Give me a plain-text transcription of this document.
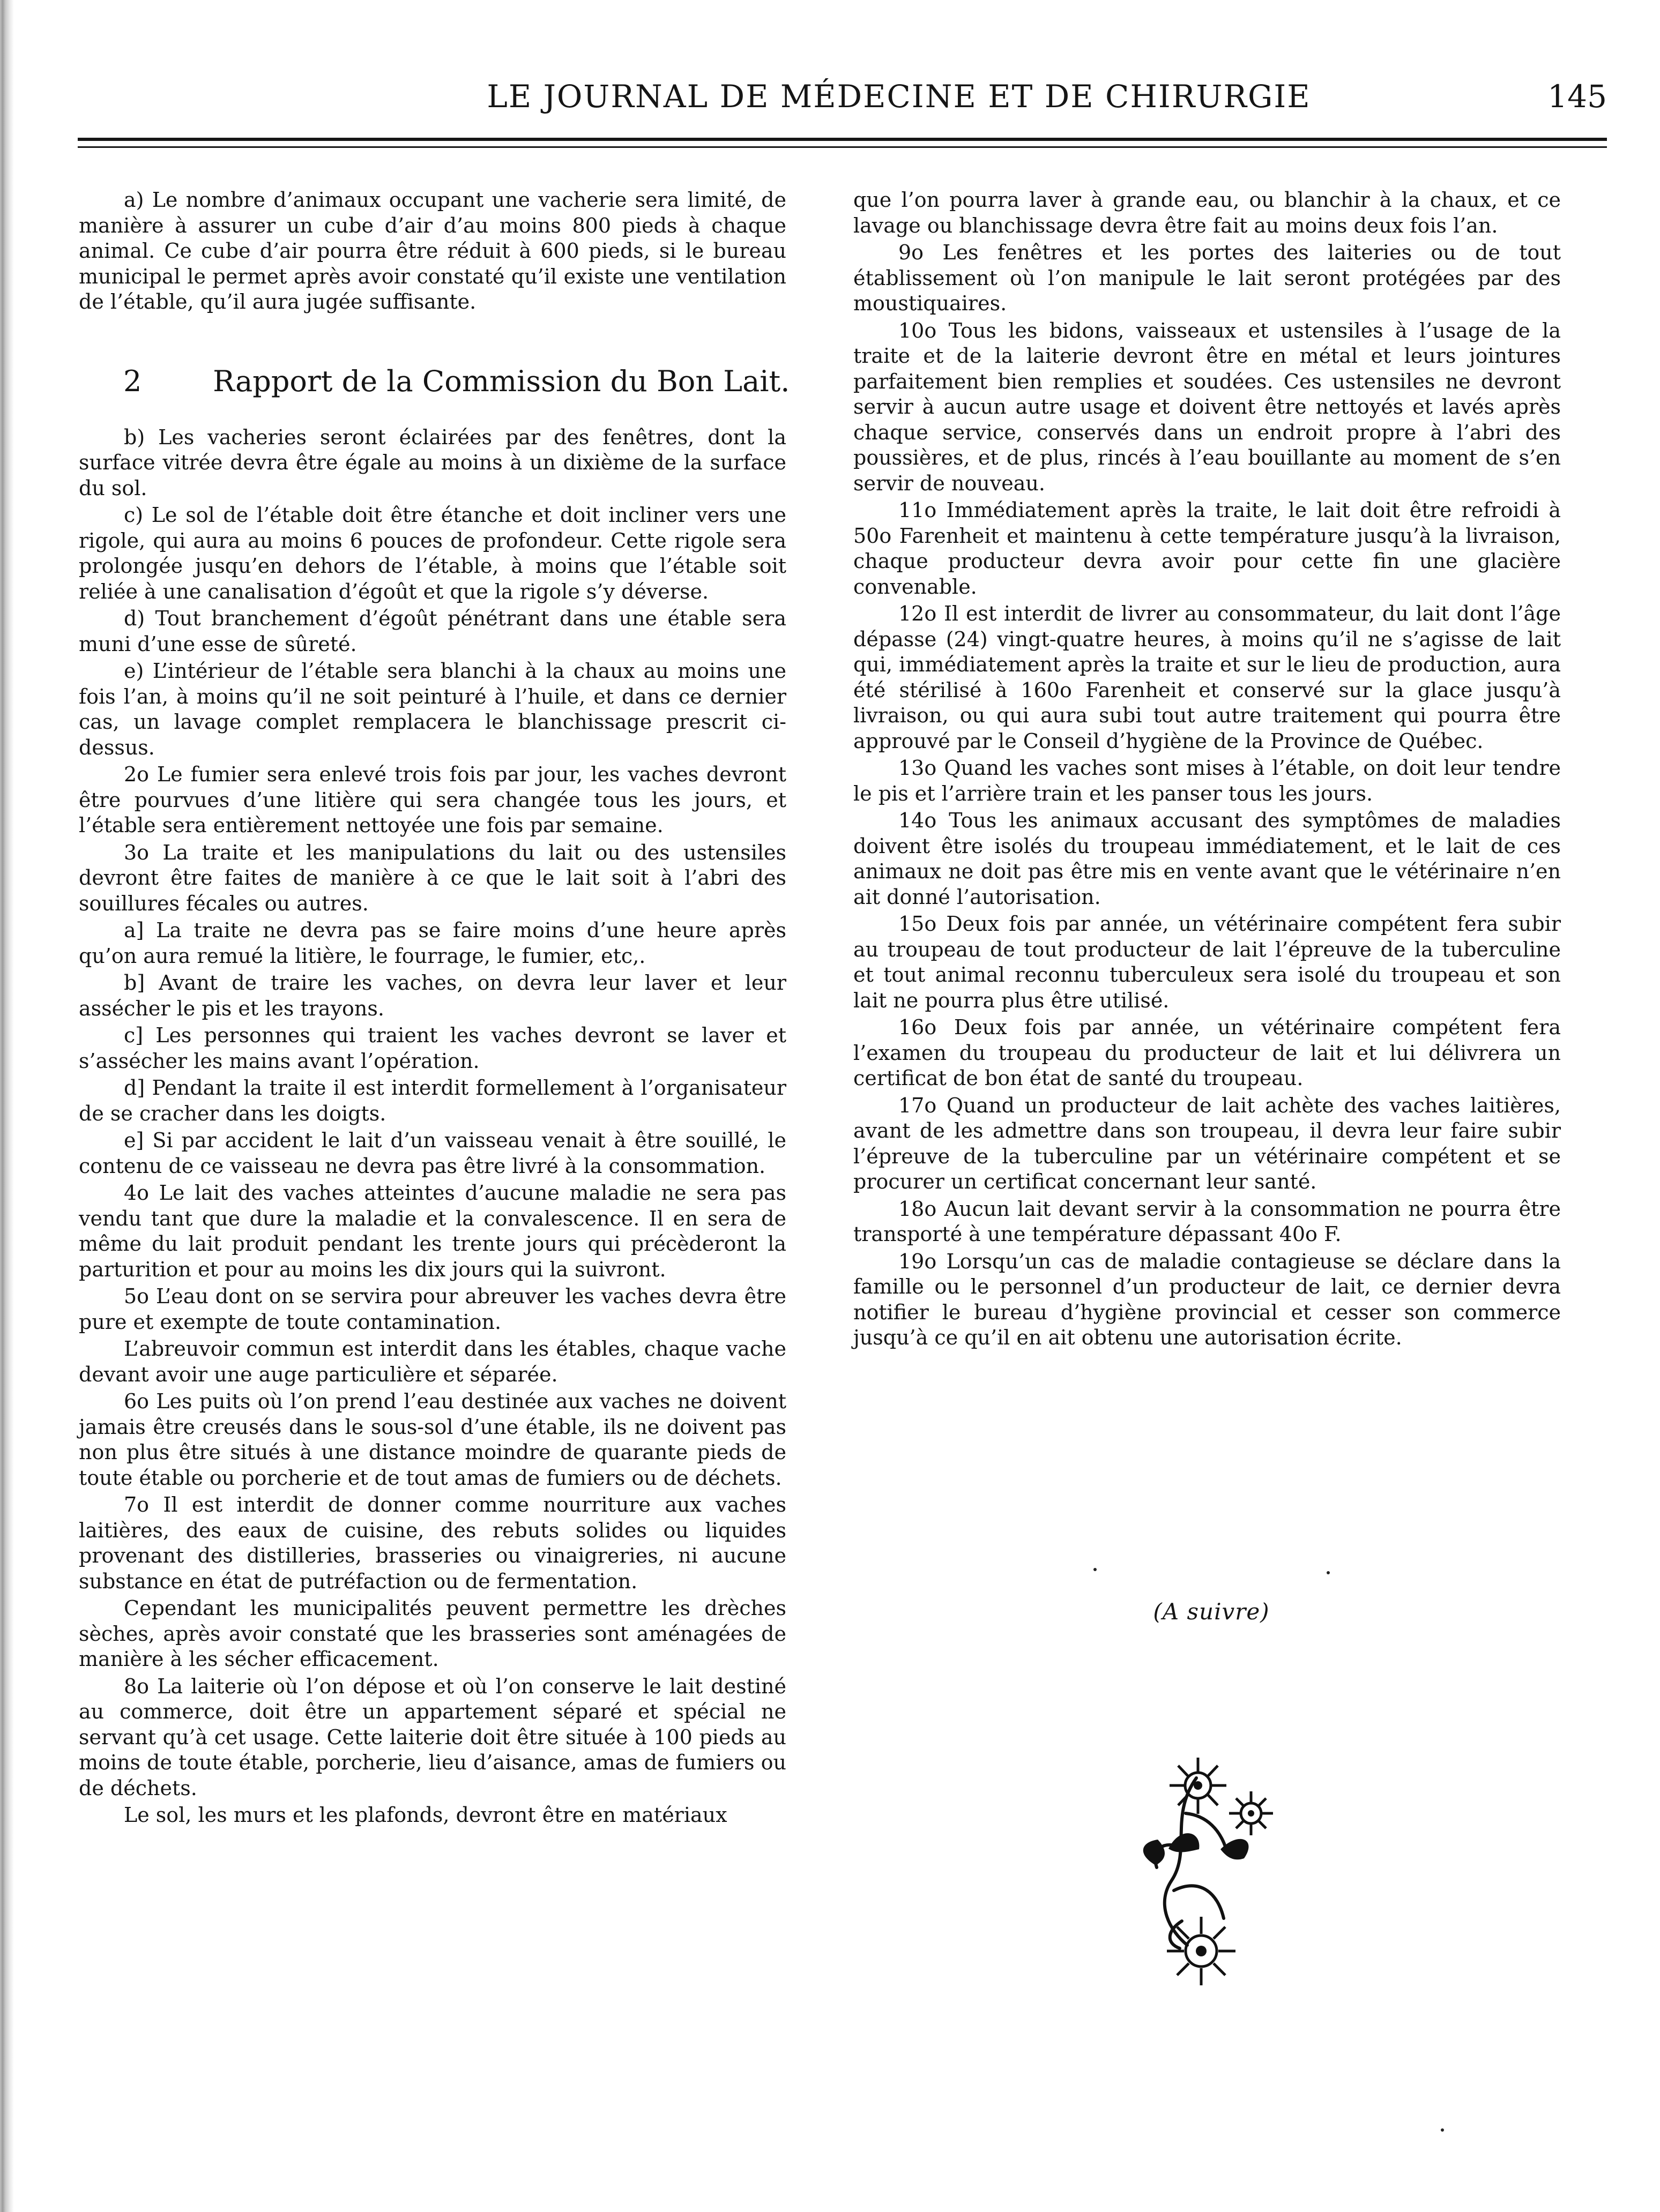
LE JOURNAL DE MÉDECINE ET DE CHIRURGIE	145

a) Le nombre d’animaux occupant une vacherie sera limité, de manière à assurer un cube d’air d’au moins 800 pieds à chaque animal. Ce cube d’air pourra être réduit à 600 pieds, si le bureau municipal le permet après avoir constaté qu’il existe une ventilation de l’étable, qu’il aura jugée suffisante.

b) Les vacheries seront éclairées par des fenêtres, dont la surface vitrée devra être égale au moins à un dixième de la surface du sol.

c) Le sol de l’étable doit être étanche et doit incliner vers une rigole, qui aura au moins 6 pouces de profondeur. Cette rigole sera prolongée jusqu’en dehors de l’étable, à moins que l’étable soit reliée à une canalisation d’égoût et que la rigole s’y déverse.

d) Tout branchement d’égoût pénétrant dans une étable sera muni d’une esse de sûreté.

e) L’intérieur de l’étable sera blanchi à la chaux au moins une fois l’an, à moins qu’il ne soit peinturé à l’huile, et dans ce dernier cas, un lavage complet remplacera le blanchissage prescrit ci-dessus.

2o Le fumier sera enlevé trois fois par jour, les vaches devront être pourvues d’une litière qui sera changée tous les jours, et l’étable sera entièrement nettoyée une fois par semaine.

3o La traite et les manipulations du lait ou des ustensiles devront être faites de manière à ce que le lait soit à l’abri des souillures fécales ou autres.

a] La traite ne devra pas se faire moins d’une heure après qu’on aura remué la litière, le fourrage, le fumier, etc,.

b] Avant de traire les vaches, on devra leur laver et leur assécher le pis et les trayons.

c] Les personnes qui traient les vaches devront se laver et s’assécher les mains avant l’opération.

d] Pendant la traite il est interdit formellement à l’organisateur de se cracher dans les doigts.

e] Si par accident le lait d’un vaisseau venait à être souillé, le contenu de ce vaisseau ne devra pas être livré à la consommation.

4o Le lait des vaches atteintes d’aucune maladie ne sera pas vendu tant que dure la maladie et la convalescence. Il en sera de même du lait produit pendant les trente jours qui précèderont la parturition et pour au moins les dix jours qui la suivront.

5o L’eau dont on se servira pour abreuver les vaches devra être pure et exempte de toute contamination.

L’abreuvoir commun est interdit dans les étables, chaque vache devant avoir une auge particulière et séparée.

6o Les puits où l’on prend l’eau destinée aux vaches ne doivent jamais être creusés dans le sous-sol d’une étable, ils ne doivent pas non plus être situés à une distance moindre de quarante pieds de toute étable ou porcherie et de tout amas de fumiers ou de déchets.

7o Il est interdit de donner comme nourriture aux vaches laitières, des eaux de cuisine, des rebuts solides ou liquides provenant des distilleries, brasseries ou vinaigreries, ni aucune substance en état de putréfaction ou de fermentation.

Cependant les municipalités peuvent permettre les drèches sèches, après avoir constaté que les brasseries sont aménagées de manière à les sécher efficacement.

8o La laiterie où l’on dépose et où l’on conserve le lait destiné au commerce, doit être un appartement séparé et spécial ne servant qu’à cet usage. Cette laiterie doit être située à 100 pieds au moins de toute étable, porcherie, lieu d’aisance, amas de fumiers ou de déchets.

Le sol, les murs et les plafonds, devront être en matériaux

2 Rapport de la Commission du Bon Lait.

que l’on pourra laver à grande eau, ou blanchir à la chaux, et ce lavage ou blanchissage devra être fait au moins deux fois l’an.

9o Les fenêtres et les portes des laiteries ou de tout établissement où l’on manipule le lait seront protégées par des moustiquaires.

10o Tous les bidons, vaisseaux et ustensiles à l’usage de la traite et de la laiterie devront être en métal et leurs jointures parfaitement bien remplies et soudées. Ces ustensiles ne devront servir à aucun autre usage et doivent être nettoyés et lavés après chaque service, conservés dans un endroit propre à l’abri des poussières, et de plus, rincés à l’eau bouillante au moment de s’en servir de nouveau.

11o Immédiatement après la traite, le lait doit être refroidi à 50o Farenheit et maintenu à cette température jusqu’à la livraison, chaque producteur devra avoir pour cette fin une glacière convenable.

12o Il est interdit de livrer au consommateur, du lait dont l’âge dépasse (24) vingt-quatre heures, à moins qu’il ne s’agisse de lait qui, immédiatement après la traite et sur le lieu de production, aura été stérilisé à 160o Farenheit et conservé sur la glace jusqu’à livraison, ou qui aura subi tout autre traitement qui pourra être approuvé par le Conseil d’hygiène de la Province de Québec.

13o Quand les vaches sont mises à l’étable, on doit leur tendre le pis et l’arrière train et les panser tous les jours.

14o Tous les animaux accusant des symptômes de maladies doivent être isolés du troupeau immédiatement, et le lait de ces animaux ne doit pas être mis en vente avant que le vétérinaire n’en ait donné l’autorisation.

15o Deux fois par année, un vétérinaire compétent fera subir au troupeau de tout producteur de lait l’épreuve de la tuberculine et tout animal reconnu tuberculeux sera isolé du troupeau et son lait ne pourra plus être utilisé.

16o Deux fois par année, un vétérinaire compétent fera l’examen du troupeau du producteur de lait et lui délivrera un certificat de bon état de santé du troupeau.

17o Quand un producteur de lait achète des vaches laitières, avant de les admettre dans son troupeau, il devra leur faire subir l’épreuve de la tuberculine par un vétérinaire compétent et se procurer un certificat concernant leur santé.

18o Aucun lait devant servir à la consommation ne pourra être transporté à une température dépassant 40o F.

19o Lorsqu’un cas de maladie contagieuse se déclare dans la famille ou le personnel d’un producteur de lait, ce dernier devra notifier le bureau d’hygiène provincial et cesser son commerce jusqu’à ce qu’il en ait obtenu une autorisation écrite.

(A suivre)
